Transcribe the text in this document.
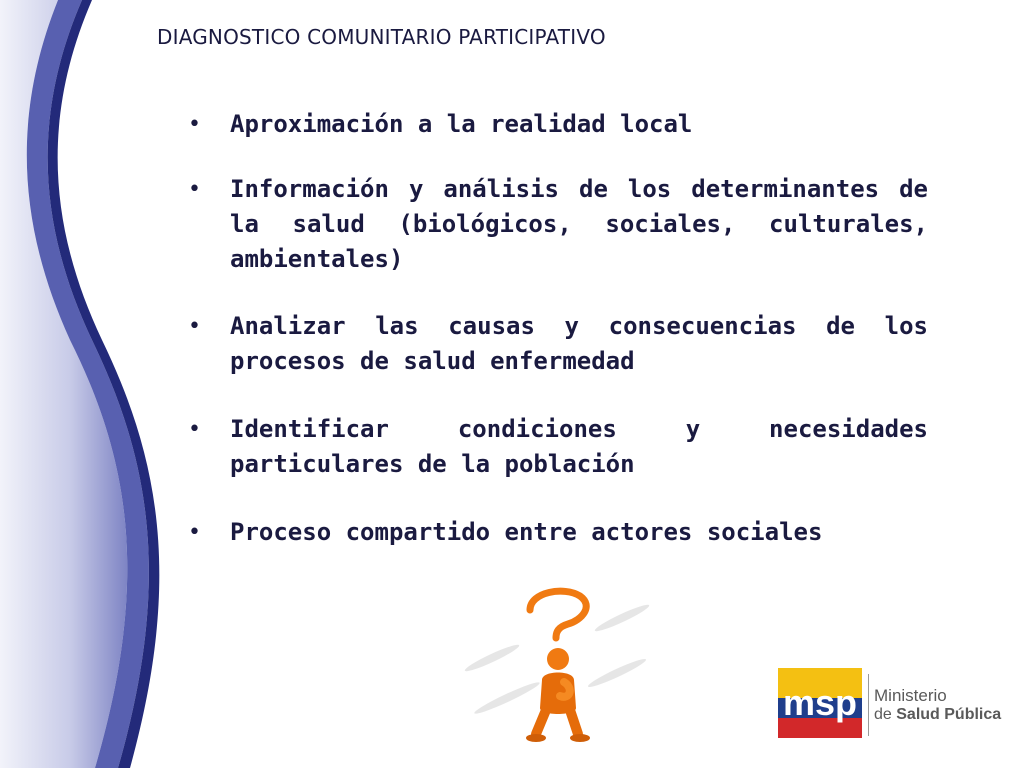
DIAGNOSTICO COMUNITARIO PARTICIPATIVO
• Aproximación a la realidad local
• Información y análisis de los determinantes de la salud (biológicos, sociales, culturales, ambientales)
• Analizar las causas y consecuencias de los procesos de salud enfermedad
• Identificar condiciones y necesidades particulares de la población
• Proceso compartido entre actores sociales
msp Ministerio
de Salud Pública
